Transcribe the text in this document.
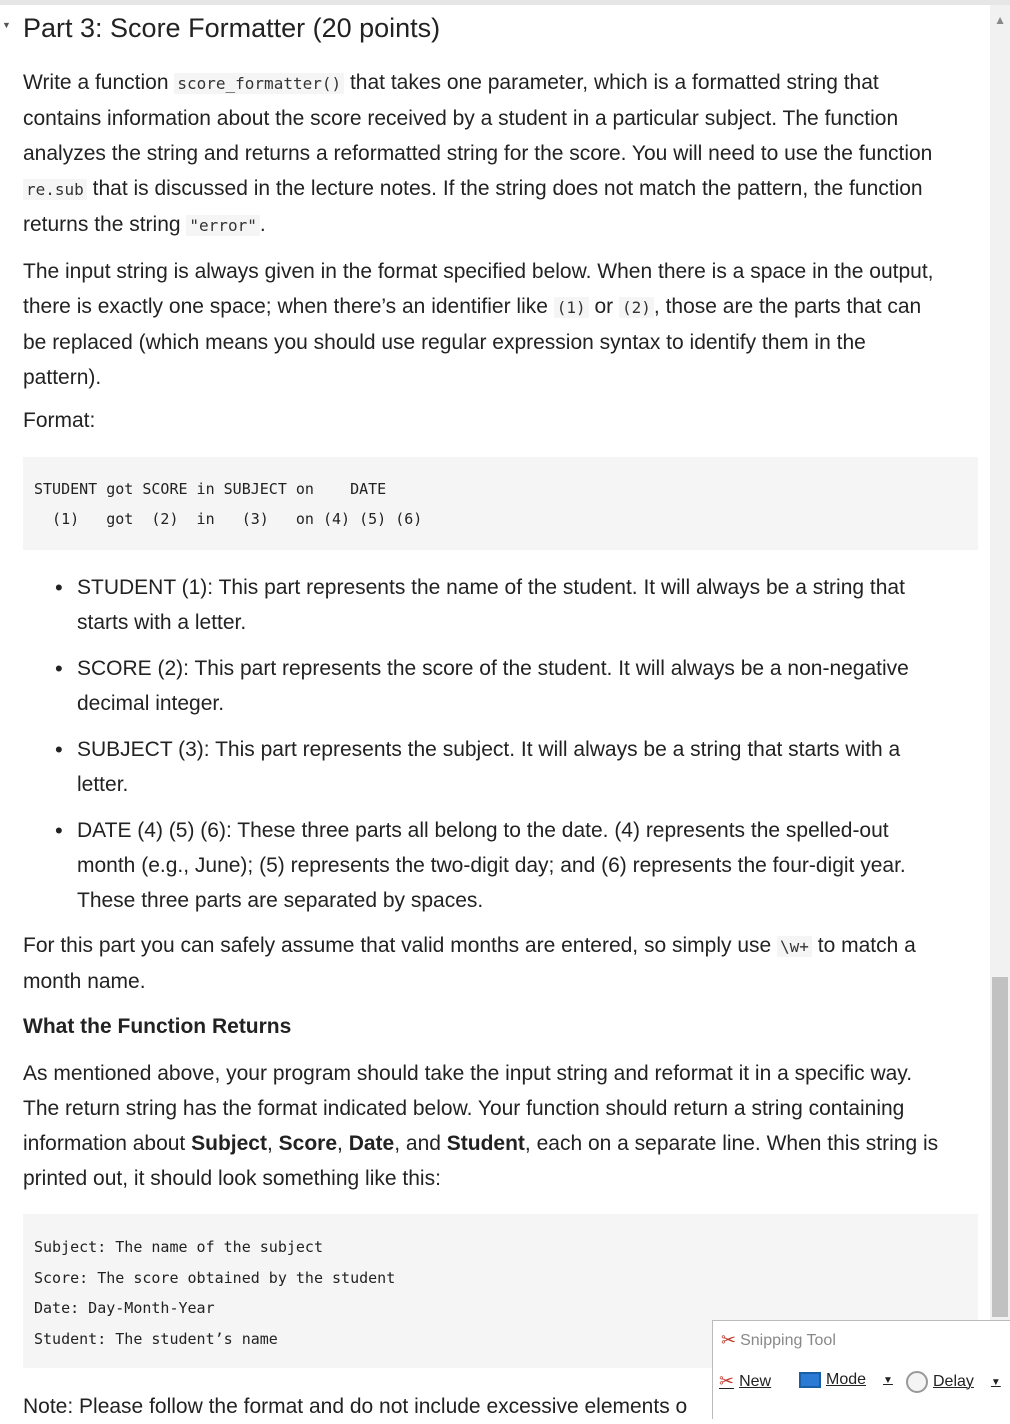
▲
▼ Part 3: Score Formatter (20 points)

Write a function score_formatter() that takes one parameter, which is a formatted string that
contains information about the score received by a student in a particular subject. The function
analyzes the string and returns a reformatted string for the score. You will need to use the function
re.sub that is discussed in the lecture notes. If the string does not match the pattern, the function
returns the string "error" .

The input string is always given in the format specified below. When there is a space in the output,
there is exactly one space; when there’s an identifier like (1) or (2) , those are the parts that can
be replaced (which means you should use regular expression syntax to identify them in the
pattern).

Format:

STUDENT got SCORE in SUBJECT on    DATE
(1)   got  (2)  in   (3)   on (4) (5) (6)
• STUDENT (1): This part represents the name of the student. It will always be a string that
starts with a letter.
• SCORE (2): This part represents the score of the student. It will always be a non-negative
decimal integer.
• SUBJECT (3): This part represents the subject. It will always be a string that starts with a
letter.
• DATE (4) (5) (6): These three parts all belong to the date. (4) represents the spelled-out
month (e.g., June); (5) represents the two-digit day; and (6) represents the four-digit year.
These three parts are separated by spaces.

For this part you can safely assume that valid months are entered, so simply use \w+ to match a
month name.

What the Function Returns

As mentioned above, your program should take the input string and reformat it in a specific way.
The return string has the format indicated below. Your function should return a string containing
information about Subject, Score, Date, and Student, each on a separate line. When this string is
printed out, it should look something like this:

Subject: The name of the subject
Score: The score obtained by the student
Date: Day-Month-Year
Student: The student’s name

Note: Please follow the format and do not include excessive elements o

✂ Snipping Tool
✂ New	Mode ▼	Delay ▼
